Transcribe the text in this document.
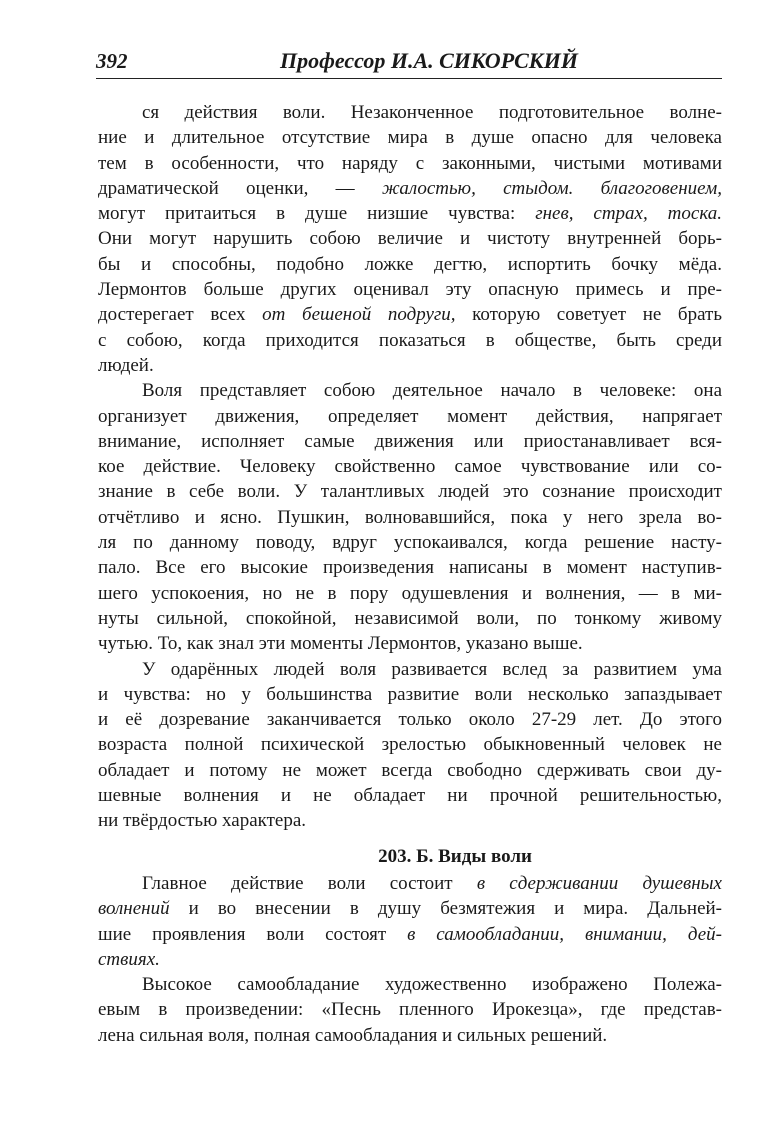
392	Профессор И.А. СИКОРСКИЙ
ся действия воли. Незаконченное подготовительное волне-
ние и длительное отсутствие мира в душе опасно для человека
тем в особенности, что наряду с законными, чистыми мотивами
драматической оценки, — жалостью, стыдом. благоговением,
могут притаиться в душе низшие чувства: гнев, страх, тоска.
Они могут нарушить собою величие и чистоту внутренней борь-
бы и способны, подобно ложке дегтю, испортить бочку мёда.
Лермонтов больше других оценивал эту опасную примесь и пре-
достерегает всех от бешеной подруги, которую советует не брать
с собою, когда приходится показаться в обществе, быть среди
людей.
Воля представляет собою деятельное начало в человеке: она
организует движения, определяет момент действия, напрягает
внимание, исполняет самые движения или приостанавливает вся-
кое действие. Человеку свойственно самое чувствование или со-
знание в себе воли. У талантливых людей это сознание происходит
отчётливо и ясно. Пушкин, волновавшийся, пока у него зрела во-
ля по данному поводу, вдруг успокаивался, когда решение насту-
пало. Все его высокие произведения написаны в момент наступив-
шего успокоения, но не в пору одушевления и волнения, — в ми-
нуты сильной, спокойной, независимой воли, по тонкому живому
чутью. То, как знал эти моменты Лермонтов, указано выше.
У одарённых людей воля развивается вслед за развитием ума
и чувства: но у большинства развитие воли несколько запаздывает
и её дозревание заканчивается только около 27-29 лет. До этого
возраста полной психической зрелостью обыкновенный человек не
обладает и потому не может всегда свободно сдерживать свои ду-
шевные волнения и не обладает ни прочной решительностью,
ни твёрдостью характера.
203. Б. Виды воли
Главное действие воли состоит в сдерживании душевных
волнений и во внесении в душу безмятежия и мира. Дальней-
шие проявления воли состоят в самообладании, внимании, дей-
ствиях.
Высокое самообладание художественно изображено Полежа-
евым в произведении: «Песнь пленного Ирокезца», где представ-
лена сильная воля, полная самообладания и сильных решений.
